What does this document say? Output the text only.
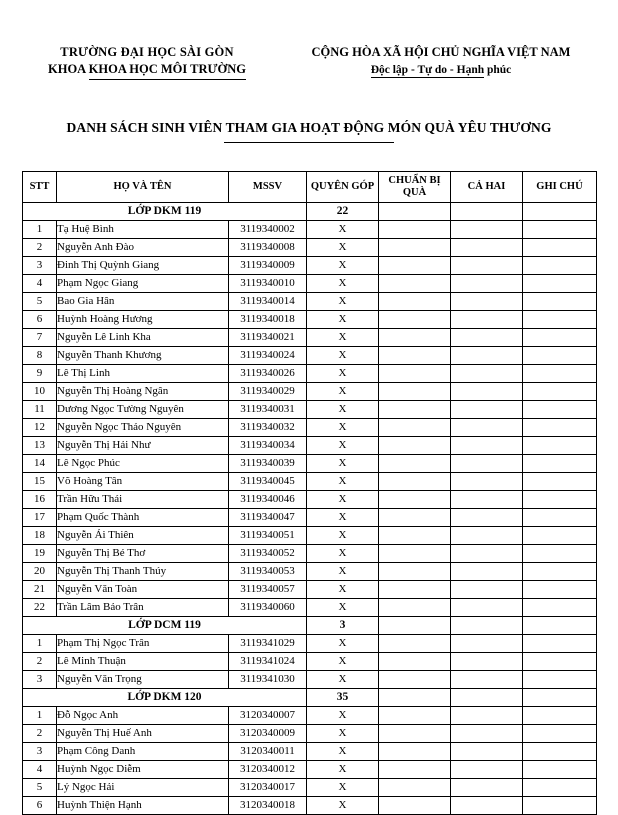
TRƯỜNG ĐẠI HỌC SÀI GÒN
KHOA KHOA HỌC MÔI TRƯỜNG
CỘNG HÒA XÃ HỘI CHỦ NGHĨA VIỆT NAM
Độc lập - Tự do - Hạnh phúc
DANH SÁCH SINH VIÊN THAM GIA HOẠT ĐỘNG MÓN QUÀ YÊU THƯƠNG
STT	HỌ VÀ TÊN	MSSV	QUYÊN GÓP	CHUẨN BỊ QUÀ	CẢ HAI	GHI CHÚ
LỚP DKM 119			22			
1	Tạ Huệ Bình	3119340002	X			
2	Nguyễn Anh Đào	3119340008	X			
3	Đinh Thị Quỳnh Giang	3119340009	X			
4	Phạm Ngọc Giang	3119340010	X			
5	Bao Gia Hân	3119340014	X			
6	Huỳnh Hoàng Hương	3119340018	X			
7	Nguyễn Lê Linh Kha	3119340021	X			
8	Nguyễn Thanh Khương	3119340024	X			
9	Lê Thị Linh	3119340026	X			
10	Nguyễn Thị Hoàng Ngân	3119340029	X			
11	Dương Ngọc Tường Nguyên	3119340031	X			
12	Nguyễn Ngọc Thảo Nguyên	3119340032	X			
13	Nguyễn Thị Hải Như	3119340034	X			
14	Lê Ngọc Phúc	3119340039	X			
15	Võ Hoàng Tân	3119340045	X			
16	Trần Hữu Thái	3119340046	X			
17	Phạm Quốc Thành	3119340047	X			
18	Nguyễn Ái Thiên	3119340051	X			
19	Nguyễn Thị Bé Thơ	3119340052	X			
20	Nguyễn Thị Thanh Thúy	3119340053	X			
21	Nguyễn Văn Toàn	3119340057	X			
22	Trần Lâm Bảo Trân	3119340060	X			
LỚP DCM 119			3			
1	Phạm Thị Ngọc Trân	3119341029	X			
2	Lê Minh Thuận	3119341024	X			
3	Nguyễn Văn Trọng	3119341030	X			
LỚP DKM 120			35			
1	Đỗ Ngọc Anh	3120340007	X			
2	Nguyễn Thị Huế Anh	3120340009	X			
3	Phạm Công Danh	3120340011	X			
4	Huỳnh Ngọc Diễm	3120340012	X			
5	Lý Ngọc Hải	3120340017	X			
6	Huỳnh Thiện Hạnh	3120340018	X			
